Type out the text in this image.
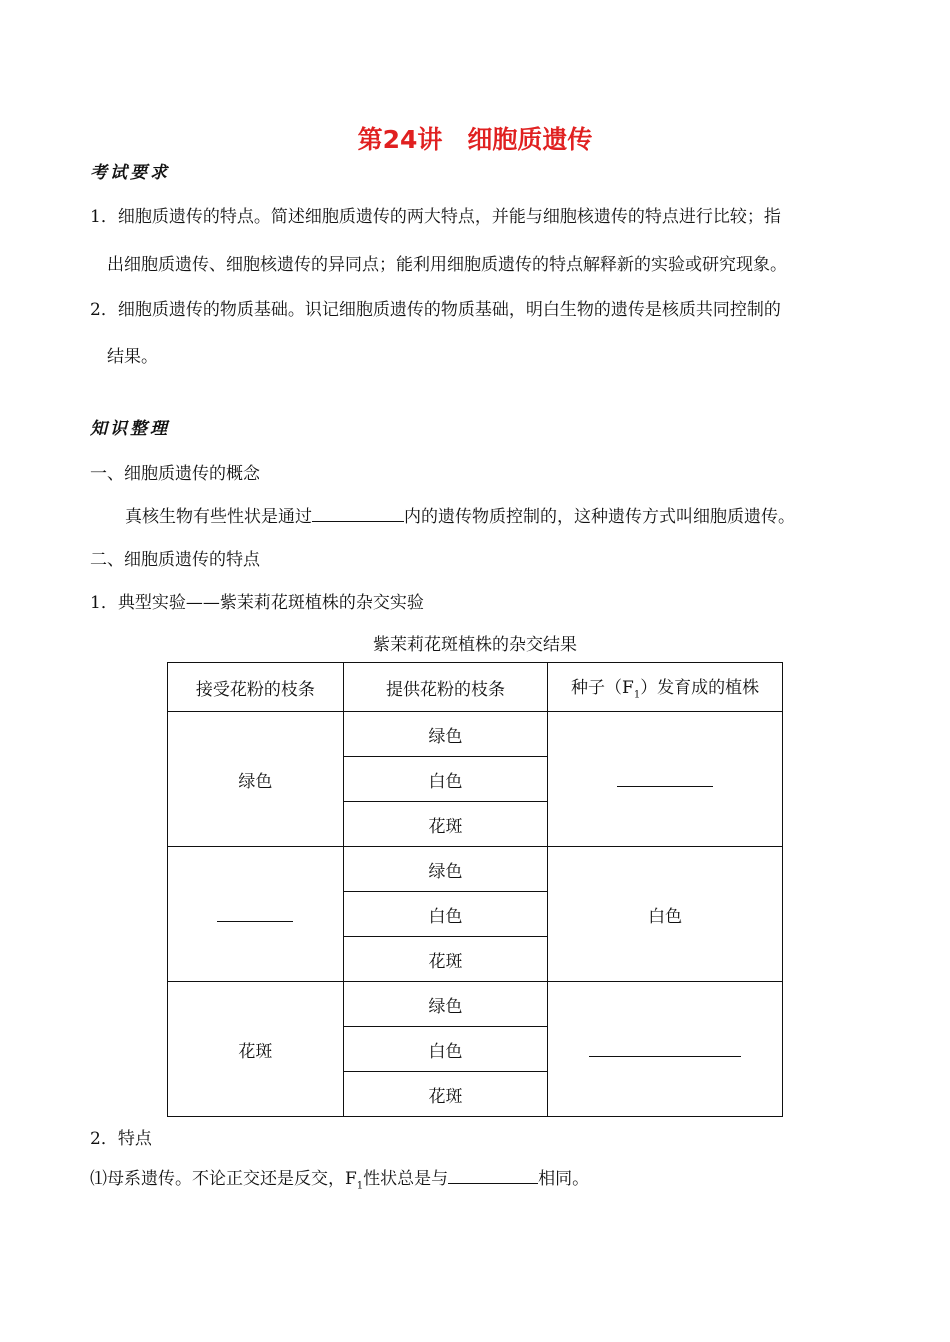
第24讲　细胞质遗传
考试要求
1．细胞质遗传的特点。简述细胞质遗传的两大特点，并能与细胞核遗传的特点进行比较；指
出细胞质遗传、细胞核遗传的异同点；能利用细胞质遗传的特点解释新的实验或研究现象。
2．细胞质遗传的物质基础。识记细胞质遗传的物质基础，明白生物的遗传是核质共同控制的
结果。
知识整理
一、细胞质遗传的概念
真核生物有些性状是通过	内的遗传物质控制的，这种遗传方式叫细胞质遗传。
二、细胞质遗传的特点
1．典型实验——紫茉莉花斑植株的杂交实验
紫茉莉花斑植株的杂交结果
接受花粉的枝条	提供花粉的枝条	种子$(F_1)$发育成的植株
绿色	绿色	
	白色	
	花斑	
	绿色	白色
	白色	
	花斑	
花斑	绿色	
	白色	
	花斑	
2．特点
⑴母系遗传。不论正交还是反交，$F_1$性状总是与	相同。
